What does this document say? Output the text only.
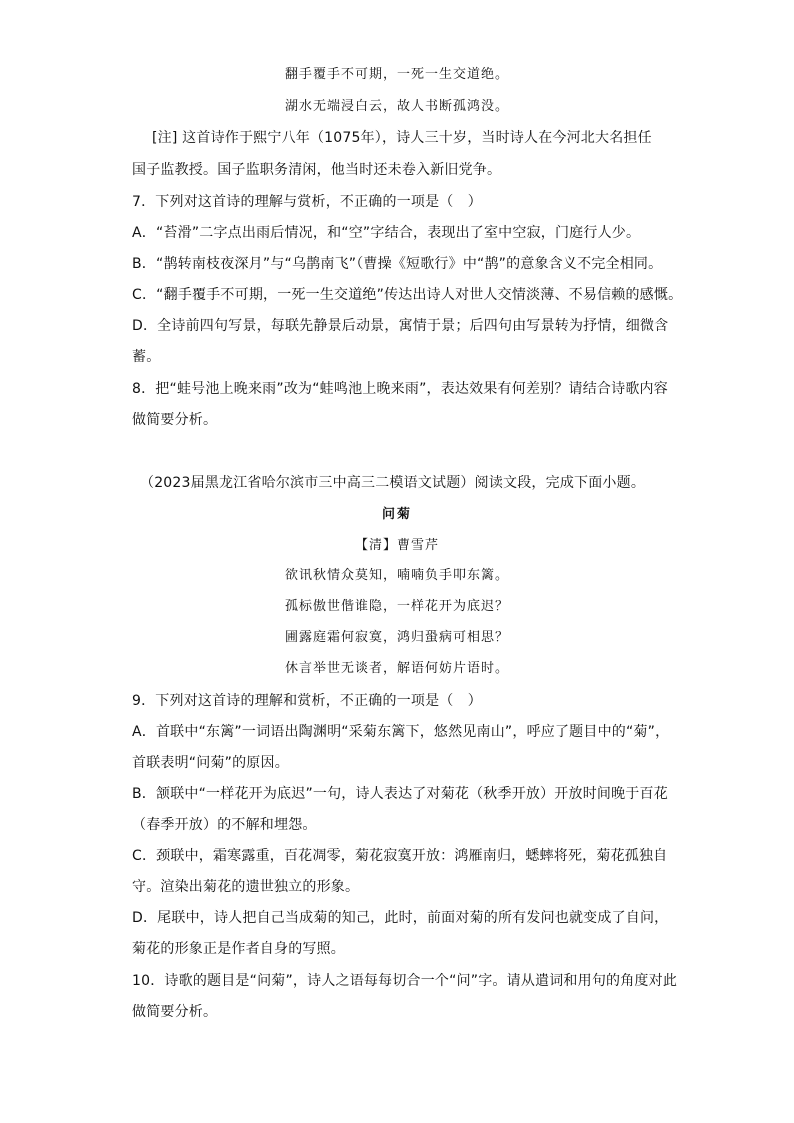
翻手覆手不可期，一死一生交道绝。
湖水无端浸白云，故人书断孤鸿没。
[注] 这首诗作于熙宁八年（1075年），诗人三十岁，当时诗人在今河北大名担任
国子监教授。国子监职务清闲，他当时还未卷入新旧党争。
7．下列对这首诗的理解与赏析，不正确的一项是（　）
A．“苔滑”二字点出雨后情况，和“空”字结合，表现出了室中空寂，门庭行人少。
B．“鹊转南枝夜深月”与“乌鹊南飞”（曹操《短歌行》中“鹊”的意象含义不完全相同。
C．“翻手覆手不可期，一死一生交道绝”传达出诗人对世人交情淡薄、不易信赖的感慨。
D．全诗前四句写景，每联先静景后动景，寓情于景；后四句由写景转为抒情，细微含
蓄。
8．把“蛙号池上晚来雨”改为“蛙鸣池上晚来雨”，表达效果有何差别？请结合诗歌内容
做简要分析。
（2023届黑龙江省哈尔滨市三中高三二模语文试题）阅读文段，完成下面小题。
问菊
【清】曹雪芹
欲讯秋情众莫知，喃喃负手叩东篱。
孤标傲世偕谁隐，一样花开为底迟？
圃露庭霜何寂寞，鸿归蛩病可相思？
休言举世无谈者，解语何妨片语时。
9．下列对这首诗的理解和赏析，不正确的一项是（　）
A．首联中“东篱”一词语出陶渊明“采菊东篱下，悠然见南山”，呼应了题目中的“菊”，
首联表明“问菊”的原因。
B．颔联中“一样花开为底迟”一句，诗人表达了对菊花（秋季开放）开放时间晚于百花
（春季开放）的不解和埋怨。
C．颈联中，霜寒露重，百花凋零，菊花寂寞开放：鸿雁南归，蟋蟀将死，菊花孤独自
守。渲染出菊花的遗世独立的形象。
D．尾联中，诗人把自己当成菊的知己，此时，前面对菊的所有发问也就变成了自问，
菊花的形象正是作者自身的写照。
10．诗歌的题目是“问菊”，诗人之语每每切合一个“问”字。请从遣词和用句的角度对此
做简要分析。
